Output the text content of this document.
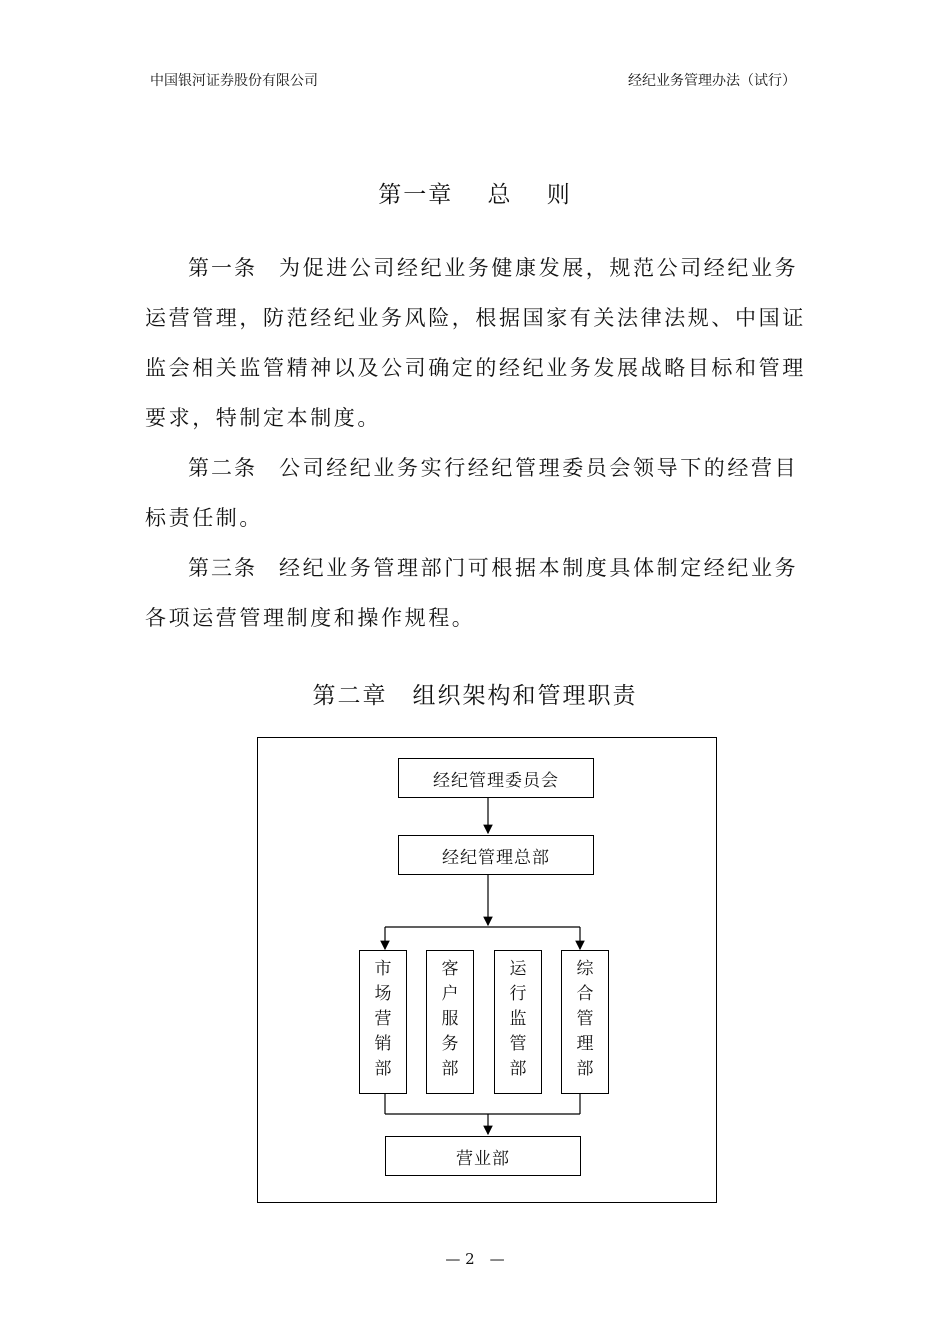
中国银河证券股份有限公司	经纪业务管理办法（试行）
第一章　 总　 则
第一条 为促进公司经纪业务健康发展，规范公司经纪业务运营管理，防范经纪业务风险，根据国家有关法律法规、中国证监会相关监管精神以及公司确定的经纪业务发展战略目标和管理要求，特制定本制度。
第二条 公司经纪业务实行经纪管理委员会领导下的经营目标责任制。
第三条 经纪业务管理部门可根据本制度具体制定经纪业务各项运营管理制度和操作规程。
第二章　组织架构和管理职责
经纪管理委员会
经纪管理总部
市
场
营
销
部
客
户
服
务
部
运
行
监
管
部
综
合
管
理
部
营业部
— 2　—
